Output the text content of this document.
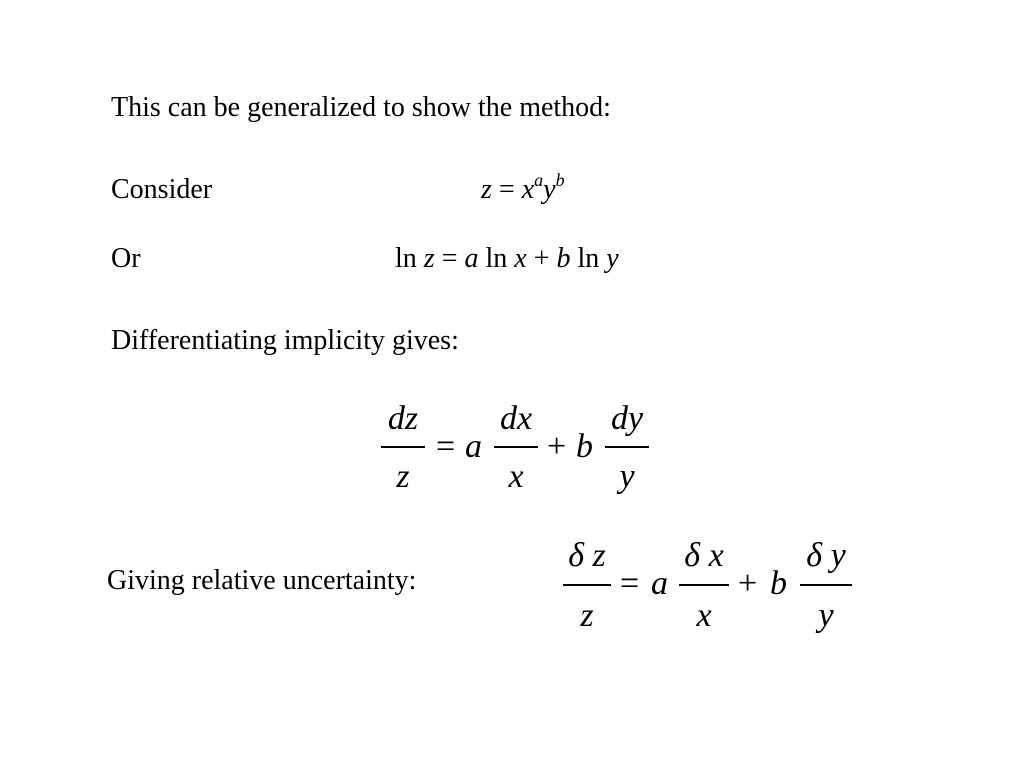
This can be generalized to show the method:
Consider	$z = x^ay^b$
Or	ln z = a ln x + b ln y
Differentiating implicity gives:
dz
z
= a
dx
x
+ b
dy
y
Giving relative uncertainty:
δ z
z
= a
δ x
x
+ b
δ y
y
